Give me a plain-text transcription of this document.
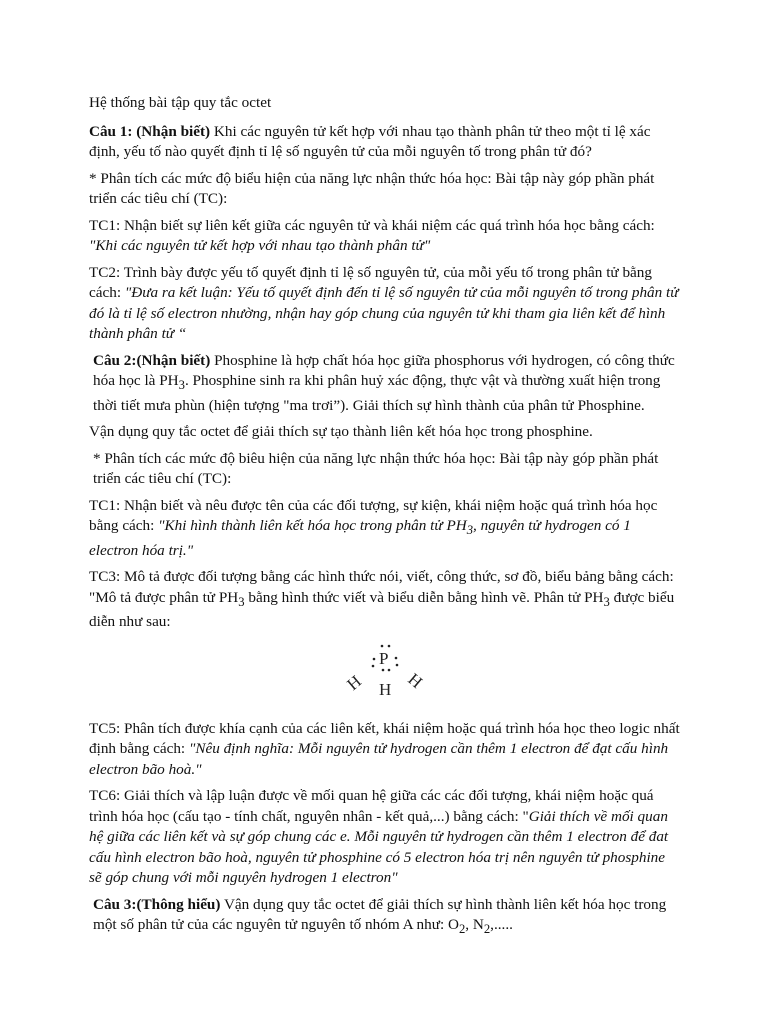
Hệ thống bài tập quy tắc octet

Câu 1: (Nhận biết) Khi các nguyên tử kết hợp với nhau tạo thành phân tử theo một tỉ lệ xác định, yếu tố nào quyết định tỉ lệ số nguyên tử của mỗi nguyên tố trong phân tử đó?

* Phân tích các mức độ biểu hiện của năng lực nhận thức hóa học: Bài tập này góp phần phát triển các tiêu chí (TC):

TC1: Nhận biết sự liên kết giữa các nguyên tử và khái niệm các quá trình hóa học bằng cách: "Khi các nguyên tử kết hợp với nhau tạo thành phân tử"

TC2: Trình bày được yếu tố quyết định tỉ lệ số nguyên tử, của mỗi yếu tố trong phân tử bằng cách: "Đưa ra kết luận: Yếu tố quyết định đến tỉ lệ số nguyên tử của mỗi nguyên tố trong phân tử đó là tỉ lệ số electron nhường, nhận hay góp chung của nguyên tử khi tham gia liên kết để hình thành phân tử “

Câu 2:(Nhận biết) Phosphine là hợp chất hóa học giữa phosphorus với hydrogen, có công thức hóa học là $PH_3$. Phosphine sinh ra khi phân huỷ xác động, thực vật và thường xuất hiện trong thời tiết mưa phùn (hiện tượng "ma trơi”). Giải thích sự hình thành của phân tử Phosphine.

Vận dụng quy tắc octet để giải thích sự tạo thành liên kết hóa học trong phosphine.

* Phân tích các mức độ biêu hiện của năng lực nhận thức hóa học: Bài tập này góp phần phát triển các tiêu chí (TC):

TC1: Nhận biết và nêu được tên của các đối tượng, sự kiện, khái niệm hoặc quá trình hóa học bằng cách: "Khi hình thành liên kết hóa học trong phân tử $PH_3$, nguyên tử hydrogen có 1 electron hóa trị."

TC3: Mô tả được đối tượng bằng các hình thức nói, viết, công thức, sơ đồ, biểu bảng bằng cách: "Mô tả được phân tử $PH_3$ bằng hình thức viết và biểu diễn bằng hình vẽ. Phân tử $PH_3$ được biểu diễn như sau:

P
H
H H

TC5: Phân tích được khía cạnh của các liên kết, khái niệm hoặc quá trình hóa học theo logic nhất định bằng cách: "Nêu định nghĩa: Mỗi nguyên tử hydrogen cần thêm 1 electron để đạt cấu hình electron bão hoà."

TC6: Giải thích và lập luận được về mối quan hệ giữa các các đối tượng, khái niệm hoặc quá trình hóa học (cấu tạo - tính chất, nguyên nhân - kết quả,...) bằng cách: "Giải thích về mối quan hệ giữa các liên kết và sự góp chung các e. Mỗi nguyên tử hydrogen cần thêm 1 electron để đat cấu hình electron bão hoà, nguyên tử phosphine có 5 electron hóa trị nên nguyên tử phosphine sẽ góp chung với mỗi nguyên hydrogen 1 electron"

Câu 3:(Thông hiểu) Vận dụng quy tắc octet để giải thích sự hình thành liên kết hóa học trong một số phân tử của các nguyên tử nguyên tố nhóm A như: $O_2$, $N_2$,.....
